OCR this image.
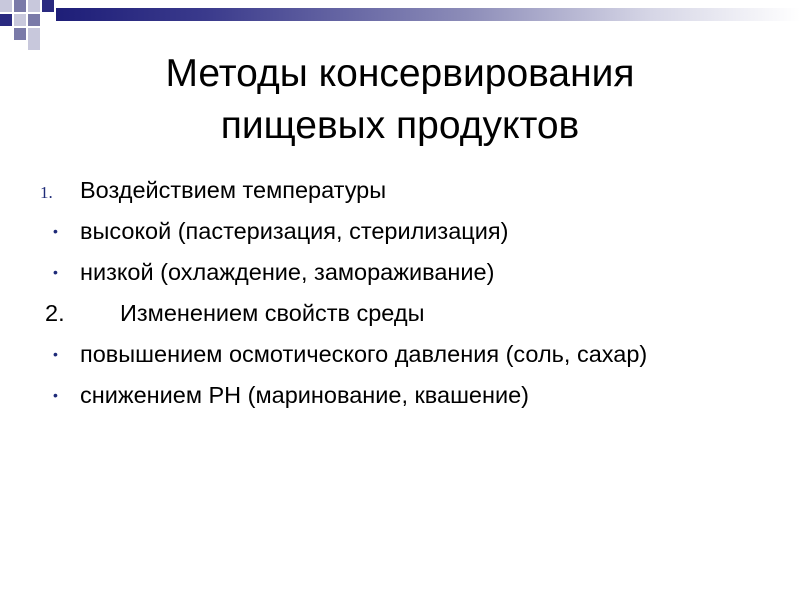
Методы консервирования
пищевых продуктов
1. Воздействием температуры
• высокой (пастеризация, стерилизация)
• низкой (охлаждение, замораживание)
2. Изменением свойств среды
• повышением осмотического давления (соль, сахар)
• снижением PH (маринование, квашение)
